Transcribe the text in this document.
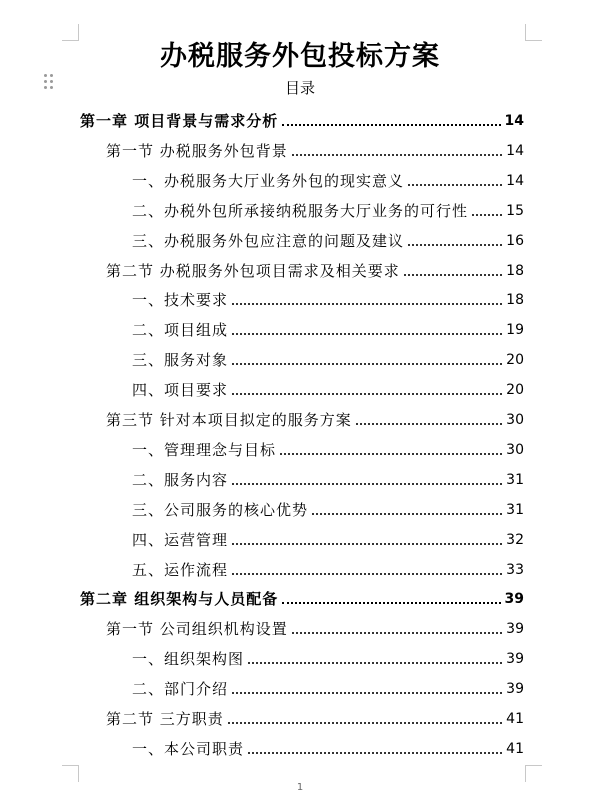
办税服务外包投标方案
目录
第一章 项目背景与需求分析	14
第一节 办税服务外包背景	14
一、办税服务大厅业务外包的现实意义	14
二、办税外包所承接纳税服务大厅业务的可行性	15
三、办税服务外包应注意的问题及建议	16
第二节 办税服务外包项目需求及相关要求	18
一、技术要求	18
二、项目组成	19
三、服务对象	20
四、项目要求	20
第三节 针对本项目拟定的服务方案	30
一、管理理念与目标	30
二、服务内容	31
三、公司服务的核心优势	31
四、运营管理	32
五、运作流程	33
第二章 组织架构与人员配备	39
第一节 公司组织机构设置	39
一、组织架构图	39
二、部门介绍	39
第二节 三方职责	41
一、本公司职责	41
1
